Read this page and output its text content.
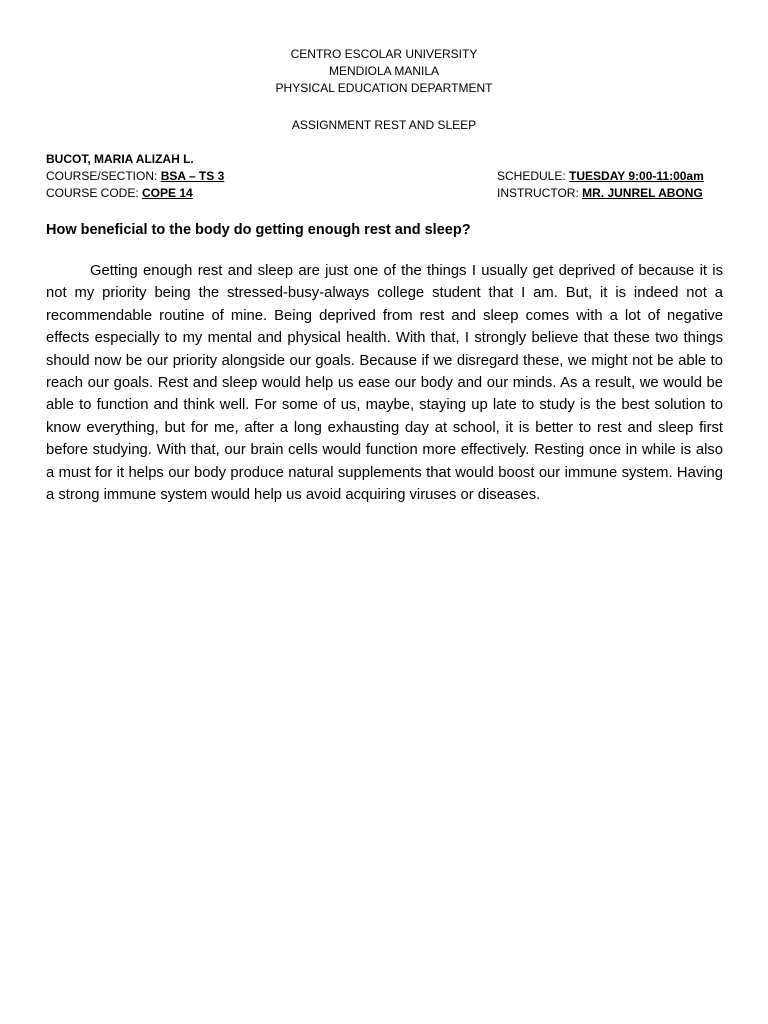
CENTRO ESCOLAR UNIVERSITY
MENDIOLA MANILA
PHYSICAL EDUCATION DEPARTMENT
ASSIGNMENT REST AND SLEEP
BUCOT, MARIA ALIZAH L.
COURSE/SECTION: BSA – TS 3
COURSE CODE: COPE 14
SCHEDULE: TUESDAY 9:00-11:00am
INSTRUCTOR: MR. JUNREL ABONG
How beneficial to the body do getting enough rest and sleep?

Getting enough rest and sleep are just one of the things I usually get deprived of because it is not my priority being the stressed-busy-always college student that I am. But, it is indeed not a recommendable routine of mine. Being deprived from rest and sleep comes with a lot of negative effects especially to my mental and physical health. With that, I strongly believe that these two things should now be our priority alongside our goals. Because if we disregard these, we might not be able to reach our goals. Rest and sleep would help us ease our body and our minds. As a result, we would be able to function and think well. For some of us, maybe, staying up late to study is the best solution to know everything, but for me, after a long exhausting day at school, it is better to rest and sleep first before studying. With that, our brain cells would function more effectively. Resting once in while is also a must for it helps our body produce natural supplements that would boost our immune system. Having a strong immune system would help us avoid acquiring viruses or diseases.
